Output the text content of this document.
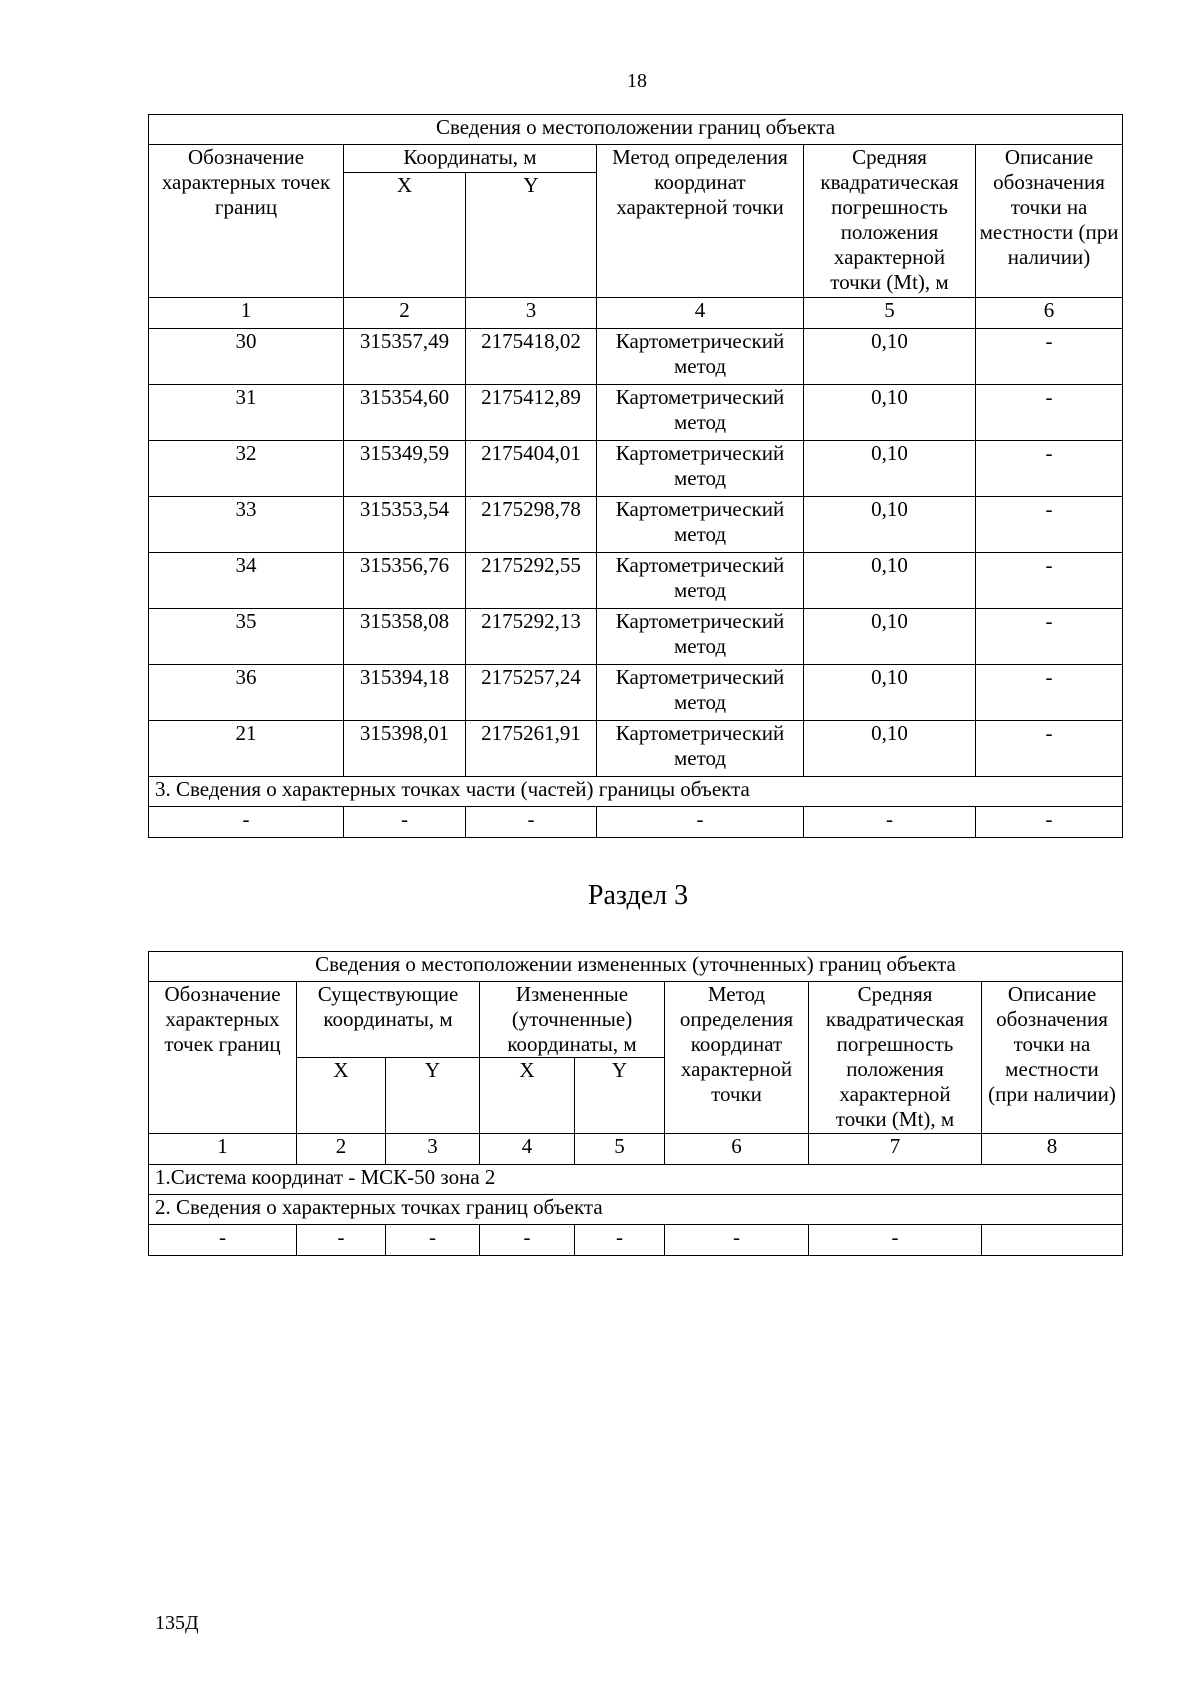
18
Сведения о местоположении границ объекта					
Обозначение характерных точек границ	Координаты, м		Метод определения координат характерной точки	Средняя квадратическая погрешность положения характерной точки (Mt), м	Описание обозначения точки на местности (при наличии)
	X	Y			
1	2	3	4	5	6
30	315357,49	2175418,02	Картометрический метод	0,10	-
31	315354,60	2175412,89	Картометрический метод	0,10	-
32	315349,59	2175404,01	Картометрический метод	0,10	-
33	315353,54	2175298,78	Картометрический метод	0,10	-
34	315356,76	2175292,55	Картометрический метод	0,10	-
35	315358,08	2175292,13	Картометрический метод	0,10	-
36	315394,18	2175257,24	Картометрический метод	0,10	-
21	315398,01	2175261,91	Картометрический метод	0,10	-
3. Сведения о характерных точках части (частей) границы объекта					
-	-	-	-	-	-
Раздел 3
Сведения о местоположении измененных (уточненных) границ объекта							
Обозначение характерных точек границ	Существующие координаты, м		Измененные (уточненные) координаты, м		Метод определения координат характерной точки	Средняя квадратическая погрешность положения характерной точки (Mt), м	Описание обозначения точки на местности (при наличии)
	X	Y	X	Y			
1	2	3	4	5	6	7	8
1.Система координат - МСК-50 зона 2							
2. Сведения о характерных точках границ объекта							
-	-	-	-	-	-	-	
135Д
